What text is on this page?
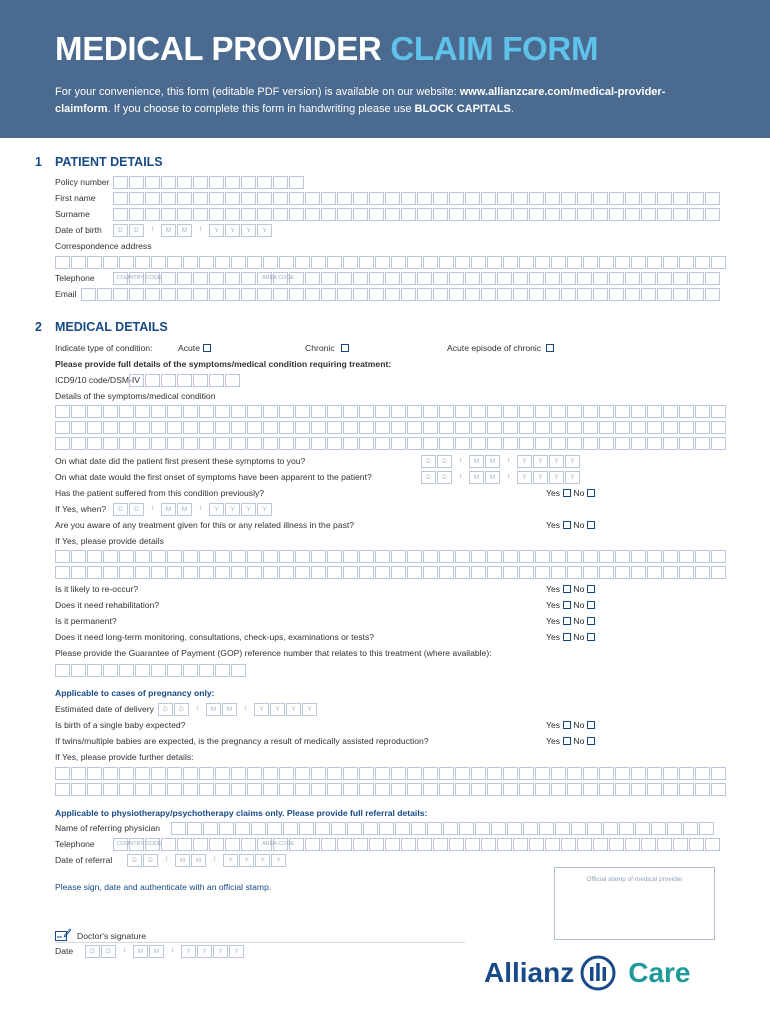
MEDICAL PROVIDER CLAIM FORM
For your convenience, this form (editable PDF version) is available on our website: www.allianzcare.com/medical-provider-claimform. If you choose to complete this form in handwriting please use BLOCK CAPITALS.
1 PATIENT DETAILS
Policy number
First name
Surname
Date of birth	D	D	/	M	M	/	Y	Y	Y	Y
Correspondence address
Telephone	COUNTRY CODE	AREA CODE
Email
2 MEDICAL DETAILS
Indicate type of condition:	Acute	Chronic	Acute episode of chronic
Please provide full details of the symptoms/medical condition requiring treatment:
ICD9/10 code/DSM-IV
Details of the symptoms/medical condition
On what date did the patient first present these symptoms to you?	D	D	/	M	M	/	Y	Y	Y	Y
On what date would the first onset of symptoms have been apparent to the patient?	D	D	/	M	M	/	Y	Y	Y	Y
Has the patient suffered from this condition previously?	Yes No
If Yes, when?	D	D	/	M	M	/	Y	Y	Y	Y
Are you aware of any treatment given for this or any related illness in the past?	Yes No
If Yes, please provide details
Is it likely to re-occur?	Yes No
Does it need rehabilitation?	Yes No
Is it permanent?	Yes No
Does it need long-term monitoring, consultations, check-ups, examinations or tests?	Yes No
Please provide the Guarantee of Payment (GOP) reference number that relates to this treatment (where available):
Applicable to cases of pregnancy only:
Estimated date of delivery	D	D	/	M	M	/	Y	Y	Y	Y
Is birth of a single baby expected?	Yes No
If twins/multiple babies are expected, is the pregnancy a result of medically assisted reproduction?	Yes No
If Yes, please provide further details:
Applicable to physiotherapy/psychotherapy claims only. Please provide full referral details:
Name of referring physician
Telephone	COUNTRY CODE	AREA CODE
Date of referral	D	D	/	M	M	/	Y	Y	Y	Y
Please sign, date and authenticate with an official stamp.
Official stamp of medical provider
Doctor's signature
Date	D	D	/	M	M	/	Y	Y	Y	Y
Allianz Care
